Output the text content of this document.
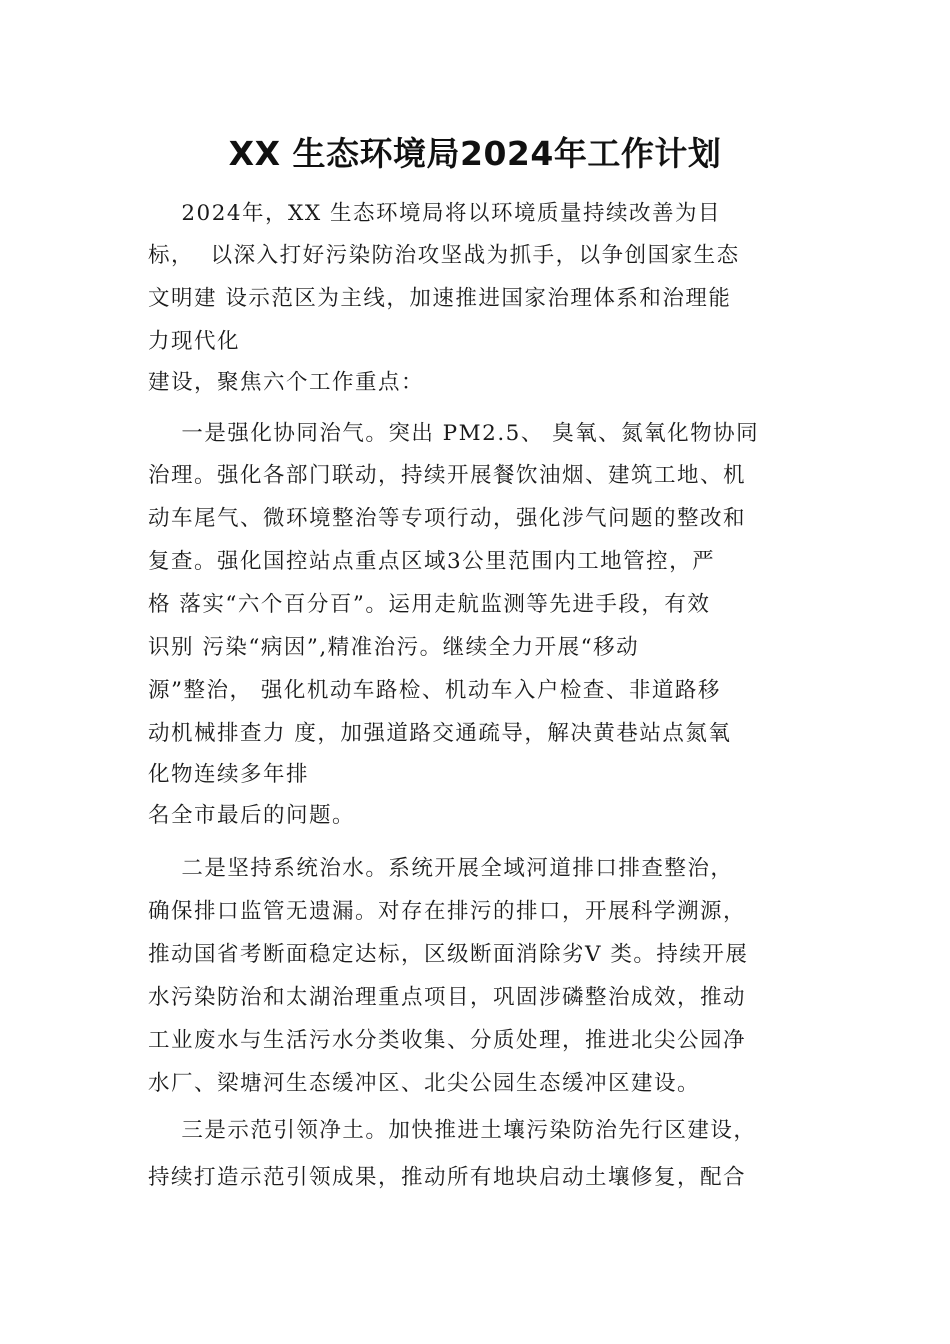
XX 生态环境局2024年工作计划
2024年，XX 生态环境局将以环境质量持续改善为目
标，  以深入打好污染防治攻坚战为抓手，以争创国家生态
文明建 设示范区为主线，加速推进国家治理体系和治理能
力现代化
建设，聚焦六个工作重点：
一是强化协同治气。突出 PM2.5、 臭氧、氮氧化物协同
治理。强化各部门联动，持续开展餐饮油烟、建筑工地、机
动车尾气、微环境整治等专项行动，强化涉气问题的整改和
复查。强化国控站点重点区域3公里范围内工地管控，严
格 落实“六个百分百”。运用走航监测等先进手段，有效
识别 污染“病因”,精准治污。继续全力开展“移动
源”整治， 强化机动车路检、机动车入户检查、非道路移
动机械排查力 度，加强道路交通疏导，解决黄巷站点氮氧
化物连续多年排
名全市最后的问题。
二是坚持系统治水。系统开展全域河道排口排查整治，
确保排口监管无遗漏。对存在排污的排口，开展科学溯源，
推动国省考断面稳定达标，区级断面消除劣Ⅴ 类。持续开展
水污染防治和太湖治理重点项目，巩固涉磷整治成效，推动
工业废水与生活污水分类收集、分质处理，推进北尖公园净
水厂、梁塘河生态缓冲区、北尖公园生态缓冲区建设。
三是示范引领净土。加快推进土壤污染防治先行区建设，
持续打造示范引领成果，推动所有地块启动土壤修复，配合
